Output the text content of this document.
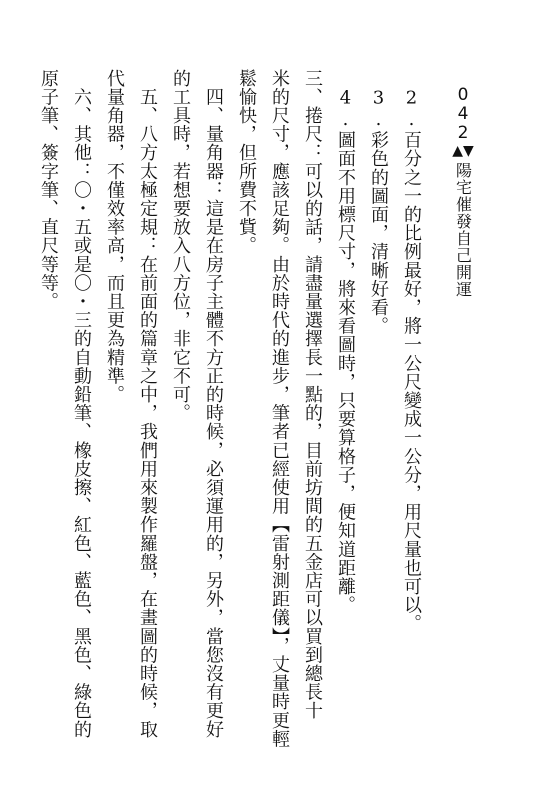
0
4
2
▲▼
陽宅催發自己開運
　2.百分之一的比例最好，將一公尺變成一公分，用尺量也可以。
　3.彩色的圖面，清晰好看。
　4.圖面不用標尺寸，將來看圖時，只要算格子，便知道距離。
三、捲尺：可以的話，請盡量選擇長一點的，目前坊間的五金店可以買到總長十
米的尺寸，應該足夠。由於時代的進步，筆者已經使用【雷射測距儀】，丈量時更輕
鬆愉快，但所費不貲。
　四、量角器：這是在房子主體不方正的時候，必須運用的，另外，當您沒有更好
的工具時，若想要放入八方位，非它不可。
　五、八方太極定規：在前面的篇章之中，我們用來製作羅盤，在畫圖的時候，取
代量角器，不僅效率高，而且更為精準。
　六、其他：〇・五或是〇・三的自動鉛筆、橡皮擦、紅色、藍色、黑色、綠色的
原子筆、簽字筆、直尺等等。
